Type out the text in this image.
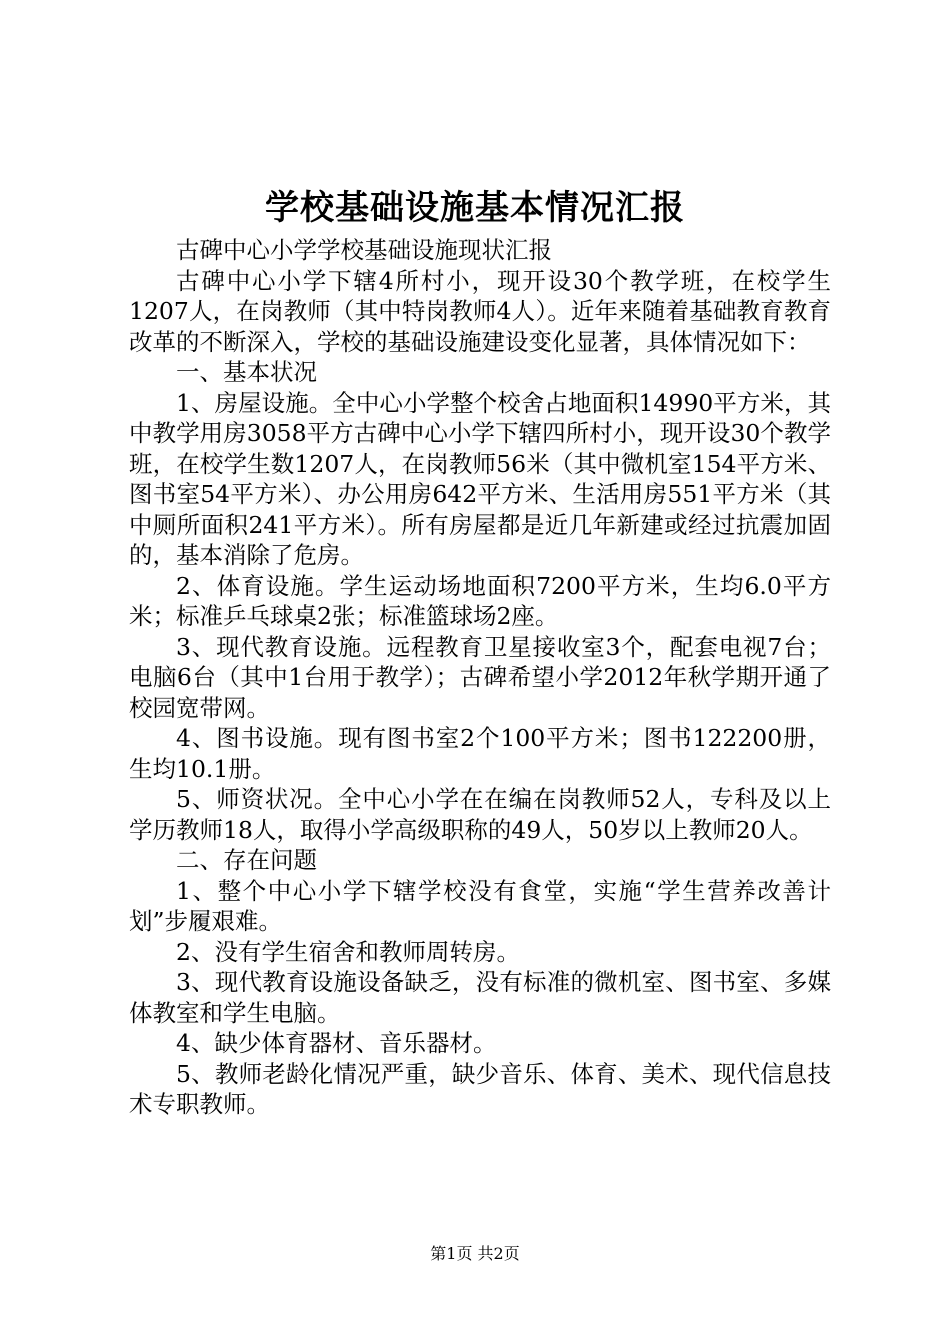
学校基础设施基本情况汇报

古碑中心小学学校基础设施现状汇报

古碑中心小学下辖4所村小，现开设30个教学班，在校学生1207人，在岗教师（其中特岗教师4人）。近年来随着基础教育教育改革的不断深入，学校的基础设施建设变化显著，具体情况如下：

一、基本状况

1、房屋设施。全中心小学整个校舍占地面积14990平方米，其中教学用房3058平方古碑中心小学下辖四所村小，现开设30个教学班，在校学生数1207人，在岗教师56米（其中微机室154平方米、图书室54平方米）、办公用房642平方米、生活用房551平方米（其中厕所面积241平方米）。所有房屋都是近几年新建或经过抗震加固的，基本消除了危房。

2、体育设施。学生运动场地面积7200平方米，生均6.0平方米；标准乒乓球桌2张；标准篮球场2座。

3、现代教育设施。远程教育卫星接收室3个，配套电视7台；电脑6台（其中1台用于教学）；古碑希望小学2012年秋学期开通了校园宽带网。

4、图书设施。现有图书室2个100平方米；图书122200册，生均10.1册。

5、师资状况。全中心小学在在编在岗教师52人，专科及以上学历教师18人，取得小学高级职称的49人，50岁以上教师20人。

二、存在问题

1、整个中心小学下辖学校没有食堂，实施“学生营养改善计划”步履艰难。

2、没有学生宿舍和教师周转房。

3、现代教育设施设备缺乏，没有标准的微机室、图书室、多媒体教室和学生电脑。

4、缺少体育器材、音乐器材。

5、教师老龄化情况严重，缺少音乐、体育、美术、现代信息技术专职教师。

第1页 共2页
